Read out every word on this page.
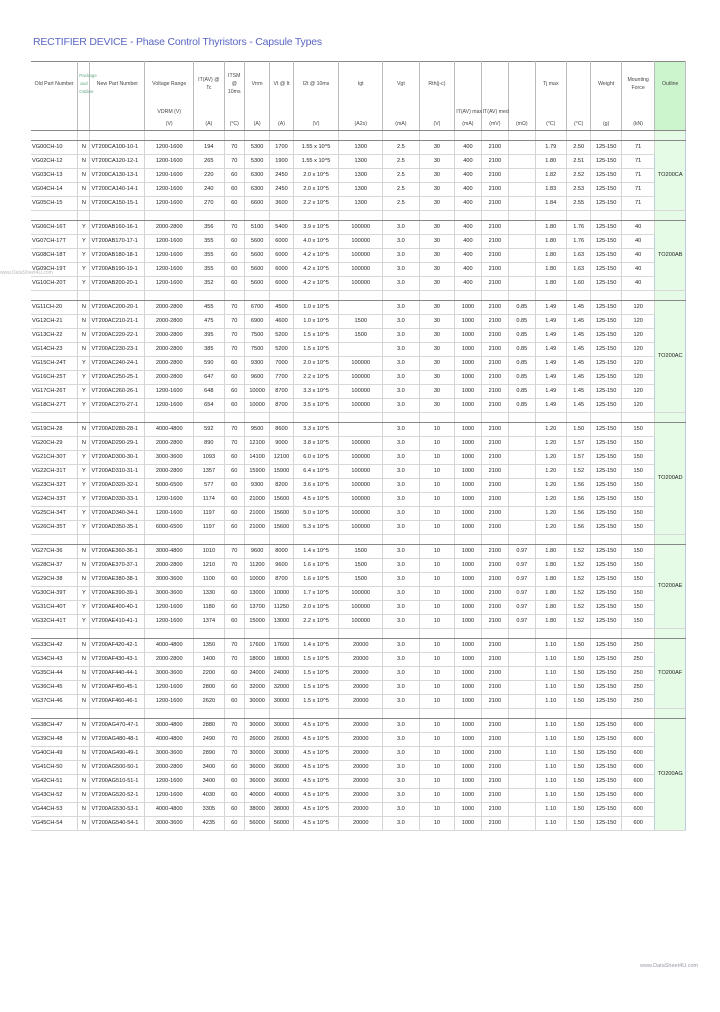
RECTIFIER DEVICE - Phase Control Thyristors - Capsule Types
Old Part Number	Package and Outline	New Part Number	Voltage Range	IT(AV) @ Tc	ITSM @ 10ms	Vrrm	Vt @ It	I2t @ 10ms	Igt	Vgt	Rth(j-c)				Tj max		Weight	Mounting Force	Outline
			VDRM (V)									IT(AV) max	IT(AV) med						
			(V)	(A)	(°C)	(A)	(A)	(V)	(A2s)	(mA)	(V)	(mA)	(mV)	(mΩ)	(°C)	(°C)	(g)	(kN)	

VG00CH-10	N	VT200CA100-10-1	1200-1600	194	70	5300	1700	1.55 x 10^5	1300	2.5	30	400	2100		1.79	2.50	125-150	71	TO200CA
VG02CH-12	N	VT200CA120-12-1	1200-1600	265	70	5300	1900	1.55 x 10^5	1300	2.5	30	400	2100		1.80	2.51	125-150	71	
VG03CH-13	N	VT200CA130-13-1	1200-1600	220	60	6300	2450	2.0 x 10^5	1300	2.5	30	400	2100		1.82	2.52	125-150	71	
VG04CH-14	N	VT200CA140-14-1	1200-1600	240	60	6300	2450	2.0 x 10^5	1300	2.5	30	400	2100		1.83	2.53	125-150	71	
VG05CH-15	N	VT200CA150-15-1	1200-1600	270	60	6600	3600	2.2 x 10^5	1300	2.5	30	400	2100		1.84	2.55	125-150	71	

VG06CH-16T	Y	VT200AB160-16-1	2000-2800	356	70	5100	5400	3.9 x 10^5	100000	3.0	30	400	2100		1.80	1.76	125-150	40	TO200AB
VG07CH-17T	Y	VT200AB170-17-1	1200-1600	355	60	5600	6000	4.0 x 10^5	100000	3.0	30	400	2100		1.80	1.76	125-150	40	
VG08CH-18T	Y	VT200AB180-18-1	1200-1600	355	60	5600	6000	4.2 x 10^5	100000	3.0	30	400	2100		1.80	1.63	125-150	40	
VG09CH-19T	Y	VT200AB190-19-1	1200-1600	355	60	5600	6000	4.2 x 10^5	100000	3.0	30	400	2100		1.80	1.63	125-150	40	
VG10CH-20T	Y	VT200AB200-20-1	1200-1600	352	60	5600	6000	4.2 x 10^5	100000	3.0	30	400	2100		1.80	1.60	125-150	40	

VG11CH-20	N	VT200AC200-20-1	2000-2800	455	70	6700	4500	1.0 x 10^5		3.0	30	1000	2100	0.85	1.49	1.45	125-150	120	TO200AC
VG12CH-21	N	VT200AC210-21-1	2000-2800	475	70	6900	4600	1.0 x 10^5	1500	3.0	30	1000	2100	0.85	1.49	1.45	125-150	120	
VG13CH-22	N	VT200AC220-22-1	2000-2800	395	70	7500	5200	1.5 x 10^5	1500	3.0	30	1000	2100	0.85	1.49	1.45	125-150	120	
VG14CH-23	N	VT200AC230-23-1	2000-2800	385	70	7500	5200	1.5 x 10^5		3.0	30	1000	2100	0.85	1.49	1.45	125-150	120	
VG15CH-24T	Y	VT200AC240-24-1	2000-2800	590	60	9300	7000	2.0 x 10^5	100000	3.0	30	1000	2100	0.85	1.49	1.45	125-150	120	
VG16CH-25T	Y	VT200AC250-25-1	2000-2800	647	60	9600	7700	2.2 x 10^5	100000	3.0	30	1000	2100	0.85	1.49	1.45	125-150	120	
VG17CH-26T	Y	VT200AC260-26-1	1200-1600	648	60	10000	8700	3.3 x 10^5	100000	3.0	30	1000	2100	0.85	1.49	1.45	125-150	120	
VG18CH-27T	Y	VT200AC270-27-1	1200-1600	654	60	10000	8700	3.5 x 10^5	100000	3.0	30	1000	2100	0.85	1.49	1.45	125-150	120	

VG19CH-28	N	VT200AD280-28-1	4000-4800	592	70	9500	8600	3.3 x 10^5		3.0	10	1000	2100		1.20	1.50	125-150	150	TO200AD
VG20CH-29	N	VT200AD290-29-1	2000-2800	890	70	12100	9000	3.8 x 10^5	100000	3.0	10	1000	2100		1.20	1.57	125-150	150	
VG21CH-30T	Y	VT200AD300-30-1	3000-3600	1093	60	14100	12100	6.0 x 10^5	100000	3.0	10	1000	2100		1.20	1.57	125-150	150	
VG22CH-31T	Y	VT200AD310-31-1	2000-2800	1357	60	15900	15900	6.4 x 10^5	100000	3.0	10	1000	2100		1.20	1.52	125-150	150	
VG23CH-32T	Y	VT200AD320-32-1	5000-6500	577	60	9300	8200	3.6 x 10^5	100000	3.0	10	1000	2100		1.20	1.56	125-150	150	
VG24CH-33T	Y	VT200AD330-33-1	1200-1600	1174	60	21000	15600	4.5 x 10^5	100000	3.0	10	1000	2100		1.20	1.56	125-150	150	
VG25CH-34T	Y	VT200AD340-34-1	1200-1600	1197	60	21000	15600	5.0 x 10^5	100000	3.0	10	1000	2100		1.20	1.56	125-150	150	
VG26CH-35T	Y	VT200AD350-35-1	6000-6500	1197	60	21000	15600	5.3 x 10^5	100000	3.0	10	1000	2100		1.20	1.56	125-150	150	

VG27CH-36	N	VT200AE360-36-1	3000-4800	1010	70	9600	8000	1.4 x 10^5	1500	3.0	10	1000	2100	0.97	1.80	1.52	125-150	150	TO200AE
VG28CH-37	N	VT200AE370-37-1	2000-2800	1210	70	11200	9600	1.6 x 10^5	1500	3.0	10	1000	2100	0.97	1.80	1.52	125-150	150	
VG29CH-38	N	VT200AE380-38-1	3000-3600	1100	60	10000	8700	1.6 x 10^5	1500	3.0	10	1000	2100	0.97	1.80	1.52	125-150	150	
VG30CH-39T	Y	VT200AE390-39-1	3000-3600	1330	60	13000	10000	1.7 x 10^5	100000	3.0	10	1000	2100	0.97	1.80	1.52	125-150	150	
VG31CH-40T	Y	VT200AE400-40-1	1200-1600	1180	60	13700	11250	2.0 x 10^5	100000	3.0	10	1000	2100	0.97	1.80	1.52	125-150	150	
VG32CH-41T	Y	VT200AE410-41-1	1200-1600	1374	60	15000	13000	2.2 x 10^5	100000	3.0	10	1000	2100	0.97	1.80	1.52	125-150	150	

VG33CH-42	N	VT200AF420-42-1	4000-4800	1350	70	17600	17600	1.4 x 10^5	20000	3.0	10	1000	2100		1.10	1.50	125-150	250	TO200AF
VG34CH-43	N	VT200AF430-43-1	2000-2800	1400	70	18000	18000	1.5 x 10^5	20000	3.0	10	1000	2100		1.10	1.50	125-150	250	
VG35CH-44	N	VT200AF440-44-1	3000-3600	2200	60	24000	24000	1.5 x 10^5	20000	3.0	10	1000	2100		1.10	1.50	125-150	250	
VG36CH-45	N	VT200AF450-45-1	1200-1600	2800	60	32000	32000	1.5 x 10^5	20000	3.0	10	1000	2100		1.10	1.50	125-150	250	
VG37CH-46	N	VT200AF460-46-1	1200-1600	2620	60	30000	30000	1.5 x 10^5	20000	3.0	10	1000	2100		1.10	1.50	125-150	250	

VG38CH-47	N	VT200AG470-47-1	3000-4800	2880	70	30000	30000	4.5 x 10^5	20000	3.0	10	1000	2100		1.10	1.50	125-150	600	TO200AG
VG39CH-48	N	VT200AG480-48-1	4000-4800	2490	70	26000	26000	4.5 x 10^5	20000	3.0	10	1000	2100		1.10	1.50	125-150	600	
VG40CH-49	N	VT200AG490-49-1	3000-3600	2890	70	30000	30000	4.5 x 10^5	20000	3.0	10	1000	2100		1.10	1.50	125-150	600	
VG41CH-50	N	VT200AG500-50-1	2000-2800	3400	60	36000	36000	4.5 x 10^5	20000	3.0	10	1000	2100		1.10	1.50	125-150	600	
VG42CH-51	N	VT200AG510-51-1	1200-1600	3400	60	36000	36000	4.5 x 10^5	20000	3.0	10	1000	2100		1.10	1.50	125-150	600	
VG43CH-52	N	VT200AG520-52-1	1200-1600	4030	60	40000	40000	4.5 x 10^5	20000	3.0	10	1000	2100		1.10	1.50	125-150	600	
VG44CH-53	N	VT200AG530-53-1	4000-4800	3305	60	38000	38000	4.5 x 10^5	20000	3.0	10	1000	2100		1.10	1.50	125-150	600	
VG45CH-54	N	VT200AG540-54-1	3000-3600	4235	60	56000	56000	4.5 x 10^5	20000	3.0	10	1000	2100		1.10	1.50	125-150	600	
www.DataSheet4U.com
www.DataSheet4U.com
